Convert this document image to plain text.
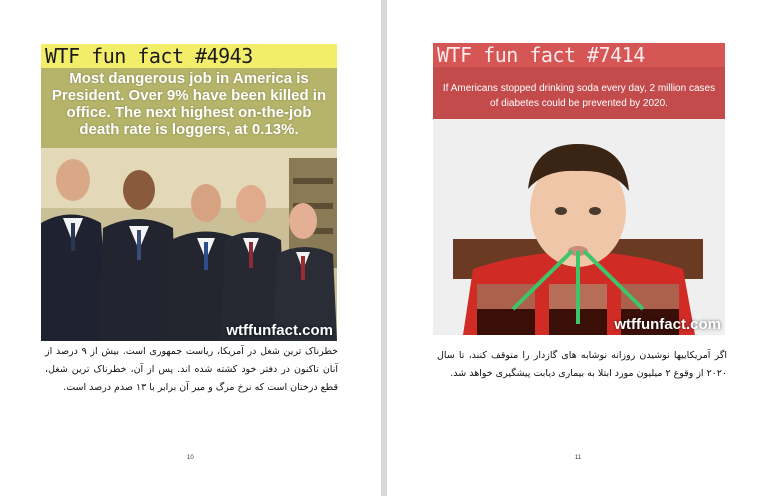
WTF fun fact #4943
Most dangerous job in America is President. Over 9% have been killed in office. The next highest on-the-job death rate is loggers, at 0.13%.
wtffunfact.com
خطرناک ترین شغل در آمریکا، ریاست جمهوری است. بیش از ۹ درصد از آنان تاکنون در دفتر خود کشته شده اند. پس از آن، خطرناک ترین شغل، قطع درختان است که نرخ مرگ و میر آن برابر با ۱۳ صدم درصد است.
10
WTF fun fact #7414
If Americans stopped drinking soda every day, 2 million cases of diabetes could be prevented by 2020.
wtffunfact.com
اگر آمریکاییها نوشیدن روزانه نوشابه های گازدار را متوقف کنند، تا سال ۲۰۲۰ از وقوع ۲ میلیون مورد ابتلا به بیماری دیابت پیشگیری خواهد شد.
11
